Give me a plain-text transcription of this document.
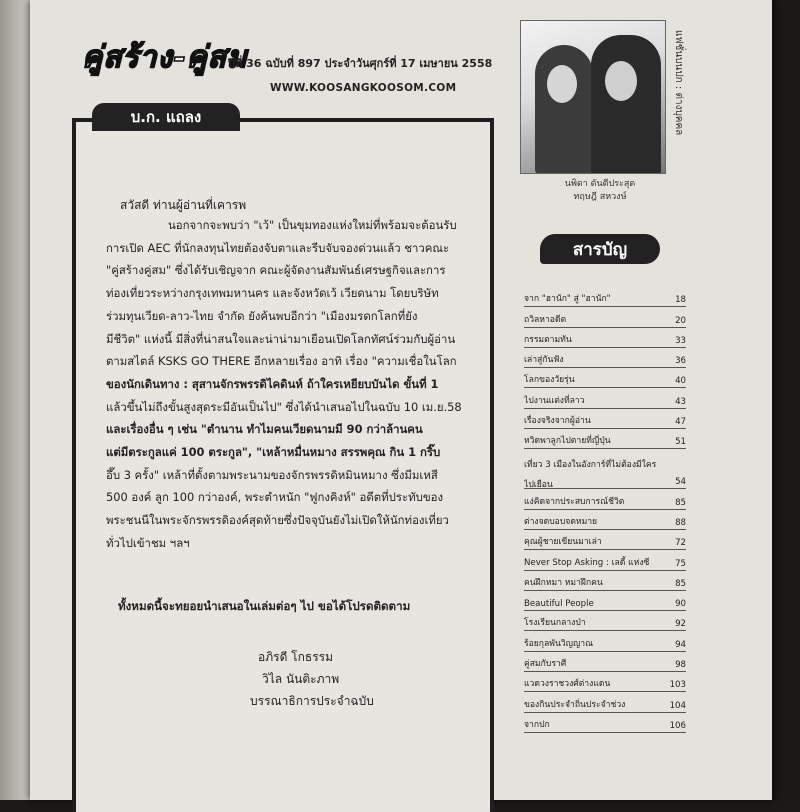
คู่สร้าง-คู่สม
ปีที่ 36 ฉบับที่ 897 ประจำวันศุกร์ที่ 17 เมษายน 2558
WWW.KOOSANGKOOSOM.COM
บ.ก. แถลง
สวัสดี ท่านผู้อ่านที่เคารพ
นอกจากจะพบว่า "เว้" เป็นขุมทองแห่งใหม่ที่พร้อมจะต้อนรับ
การเปิด AEC ที่นักลงทุนไทยต้องจับตาและรีบจับจองด่วนแล้ว ชาวคณะ
"คู่สร้างคู่สม" ซึ่งได้รับเชิญจาก คณะผู้จัดงานสัมพันธ์เศรษฐกิจและการ
ท่องเที่ยวระหว่างกรุงเทพมหานคร และจังหวัดเว้ เวียดนาม โดยบริษัท
ร่วมทุนเวียด-ลาว-ไทย จำกัด ยังค้นพบอีกว่า "เมืองมรดกโลกที่ยัง
มีชีวิต" แห่งนี้ มีสิ่งที่น่าสนใจและน่าน่ามาเยือนเปิดโลกทัศน์ร่วมกับผู้อ่าน
ตามสไตล์ KSKS GO THERE อีกหลายเรื่อง อาทิ เรื่อง "ความเชื่อในโลก
ของนักเดินทาง : สุสานจักรพรรดิไคดินห์ ถ้าใครเหยียบบันได ขั้นที่ 1
แล้วขึ้นไม่ถึงขั้นสูงสุดระมีอันเป็นไป" ซึ่งได้นำเสนอไปในฉบับ 10 เม.ย.58
และเรื่องอื่น ๆ เช่น "ตำนาน ทำไมคนเวียดนามมี 90 กว่าล้านคน
แต่มีตระกูลแค่ 100 ตระกูล", "เหล้าหมื่นหมาง สรรพคุณ กิน 1 กริ๊บ
อึ๊บ 3 ครั้ง" เหล้าที่ตั้งตามพระนามของจักรพรรดิหมินหมาง ซึ่งมีมเหสี
500 องค์ ลูก 100 กว่าองค์, พระตำหนัก "ฟูกงคิงห์" อดีตที่ประทับของ
พระชนนีในพระจักรพรรดิองค์สุดท้ายซึ่งปัจจุบันยังไม่เปิดให้นักท่องเที่ยว
ทั่วไปเข้าชม ฯลฯ
ทั้งหมดนี้จะทยอยนำเสนอในเล่มต่อๆ ไป ขอได้โปรดติดตาม
อภิรดี โกธรรม
วิไล นันติะภาพ
บรรณาธิการประจำฉบับ
แฟชั่นบนปก : ต่างบุคคล
นพิดา ดันตีประสุด
ทฤษฎี สหวงษ์
สารบัญ
จาก "ฮานัก" สู่ "ฮานัก"	18
ถวิลหาอดีต	20
กรรมตามทัน	33
เล่าสู่กันฟัง	36
โลกของวัยรุ่น	40
ไปงานแต่งที่ลาว	43
เรื่องจริงจากผู้อ่าน	47
หวิดพาลูกไปตายที่ญี่ปุ่น	51
เที่ยว 3 เมืองในอังการ์ที่ไม่ต้องมีใคร ไปเยือน	54
แง่คิดจากประสบการณ์ชีวิต	85
ต่างจดบอบจดหมาย	88
คุณผู้ชายเขียนมาเล่า	72
Never Stop Asking : เลดี้ แห่งซี	75
คนฝึกหมา หมาฝึกคน	85
Beautiful People	90
โรงเรียนกลางป่า	92
ร้อยกุลพันวิญญาณ	94
คู่สมกับราศี	98
แวดวงราชวงศ์ต่างแดน	103
ของกินประจำถิ่นประจำช่วง	104
จากปก	106
